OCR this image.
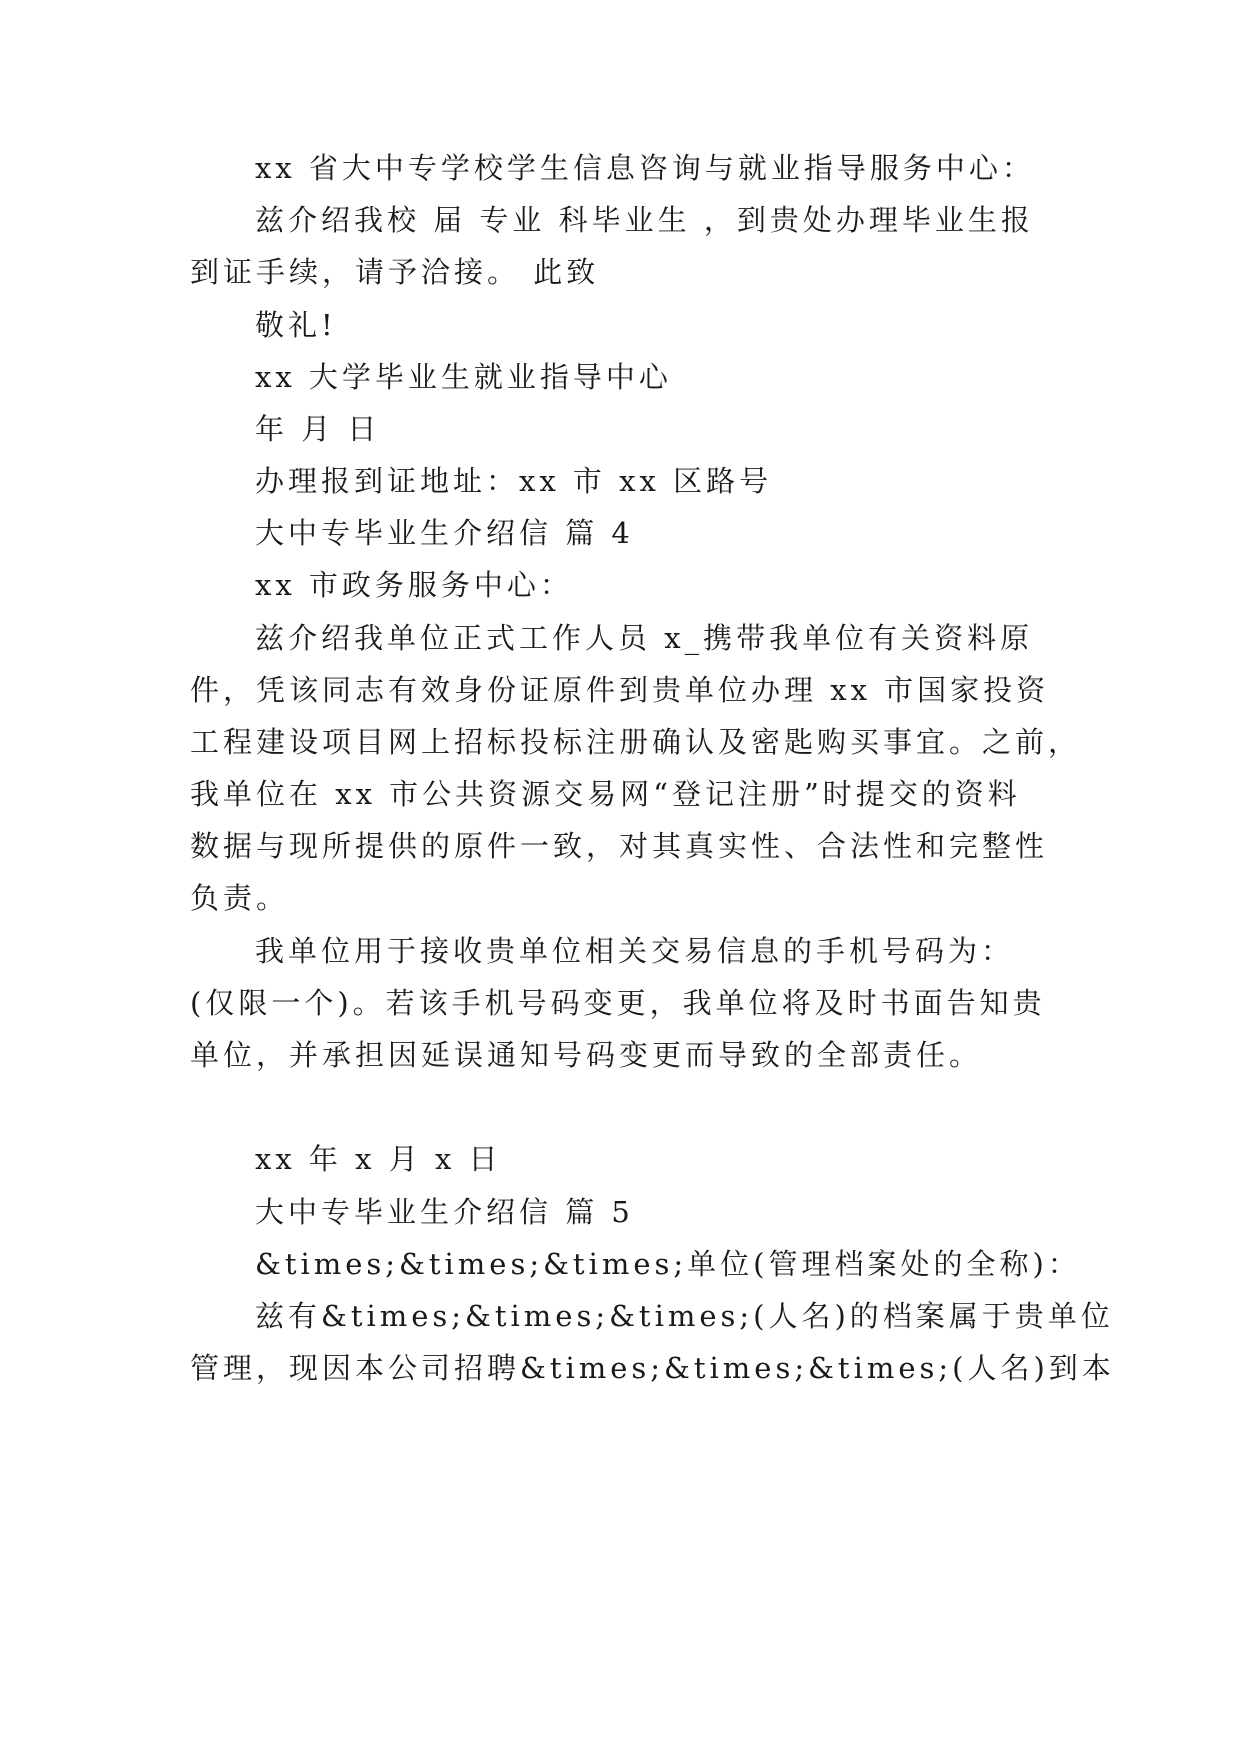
xx 省大中专学校学生信息咨询与就业指导服务中心：
兹介绍我校 届 专业 科毕业生 ，到贵处办理毕业生报
到证手续，请予洽接。 此致
敬礼!
xx 大学毕业生就业指导中心
年 月 日
办理报到证地址：xx 市 xx 区路号
大中专毕业生介绍信 篇 4
xx 市政务服务中心：
兹介绍我单位正式工作人员 x_携带我单位有关资料原
件，凭该同志有效身份证原件到贵单位办理 xx 市国家投资
工程建设项目网上招标投标注册确认及密匙购买事宜。之前，
我单位在 xx 市公共资源交易网“登记注册”时提交的资料
数据与现所提供的原件一致，对其真实性、合法性和完整性
负责。
我单位用于接收贵单位相关交易信息的手机号码为：
(仅限一个)。若该手机号码变更，我单位将及时书面告知贵
单位，并承担因延误通知号码变更而导致的全部责任。
xx 年 x 月 x 日
大中专毕业生介绍信 篇 5
&times;&times;&times;单位(管理档案处的全称)：
兹有&times;&times;&times;(人名)的档案属于贵单位
管理，现因本公司招聘&times;&times;&times;(人名)到本
